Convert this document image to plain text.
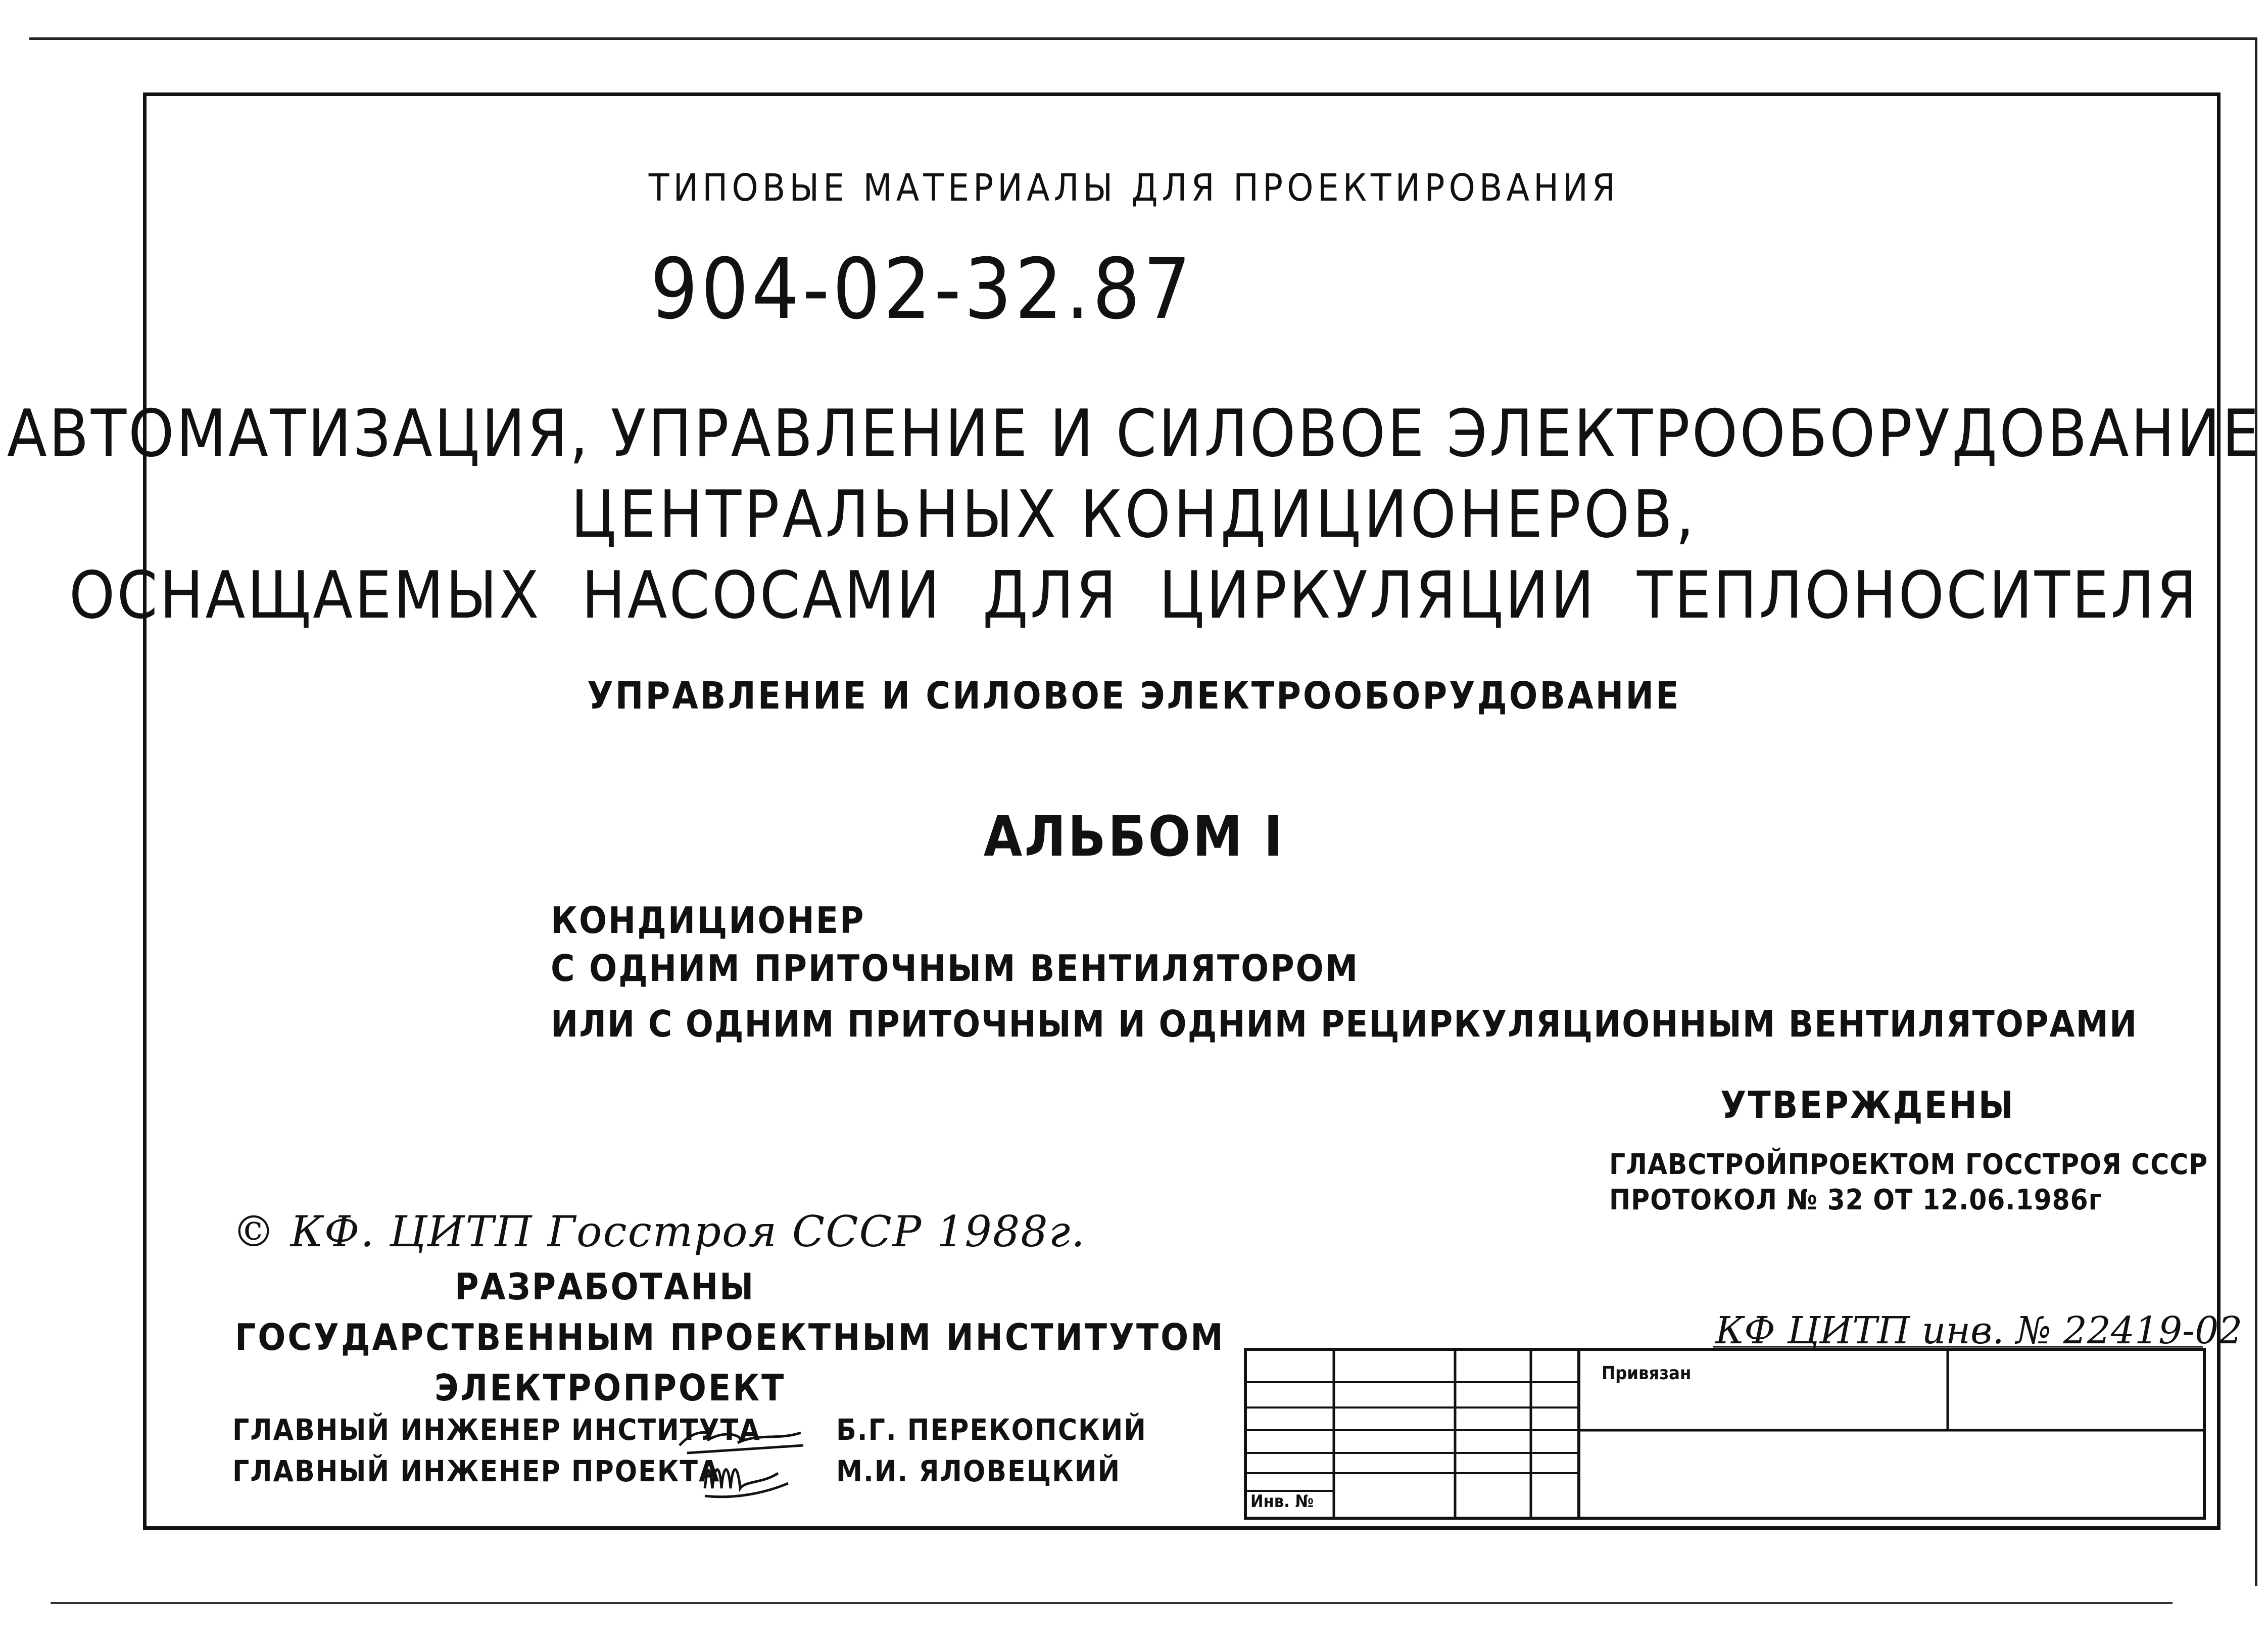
ТИПОВЫЕ МАТЕРИАЛЫ ДЛЯ ПРОЕКТИРОВАНИЯ
904-02-32.87
АВТОМАТИЗАЦИЯ, УПРАВЛЕНИЕ И СИЛОВОЕ ЭЛЕКТРООБОРУДОВАНИЕ
ЦЕНТРАЛЬНЫХ КОНДИЦИОНЕРОВ,
ОСНАЩАЕМЫХ НАСОСАМИ ДЛЯ ЦИРКУЛЯЦИИ ТЕПЛОНОСИТЕЛЯ
УПРАВЛЕНИЕ И СИЛОВОЕ ЭЛЕКТРООБОРУДОВАНИЕ
АЛЬБОМ I
КОНДИЦИОНЕР
С ОДНИМ ПРИТОЧНЫМ ВЕНТИЛЯТОРОМ
ИЛИ С ОДНИМ ПРИТОЧНЫМ И ОДНИМ РЕЦИРКУЛЯЦИОННЫМ ВЕНТИЛЯТОРАМИ
УТВЕРЖДЕНЫ
ГЛАВСТРОЙПРОЕКТОМ ГОССТРОЯ СССР
ПРОТОКОЛ № 32 ОТ 12.06.1986г
© КФ. ЦИТП Госстроя СССР 1988г.
РАЗРАБОТАНЫ
ГОСУДАРСТВЕННЫМ ПРОЕКТНЫМ ИНСТИТУТОМ
ЭЛЕКТРОПРОЕКТ
ГЛАВНЫЙ ИНЖЕНЕР ИНСТИТУТА	Б.Г. ПЕРЕКОПСКИЙ
ГЛАВНЫЙ ИНЖЕНЕР ПРОЕКТА	М.И. ЯЛОВЕЦКИЙ
КФ ЦИТП инв. № 22419-02
Привязан
Инв. №
